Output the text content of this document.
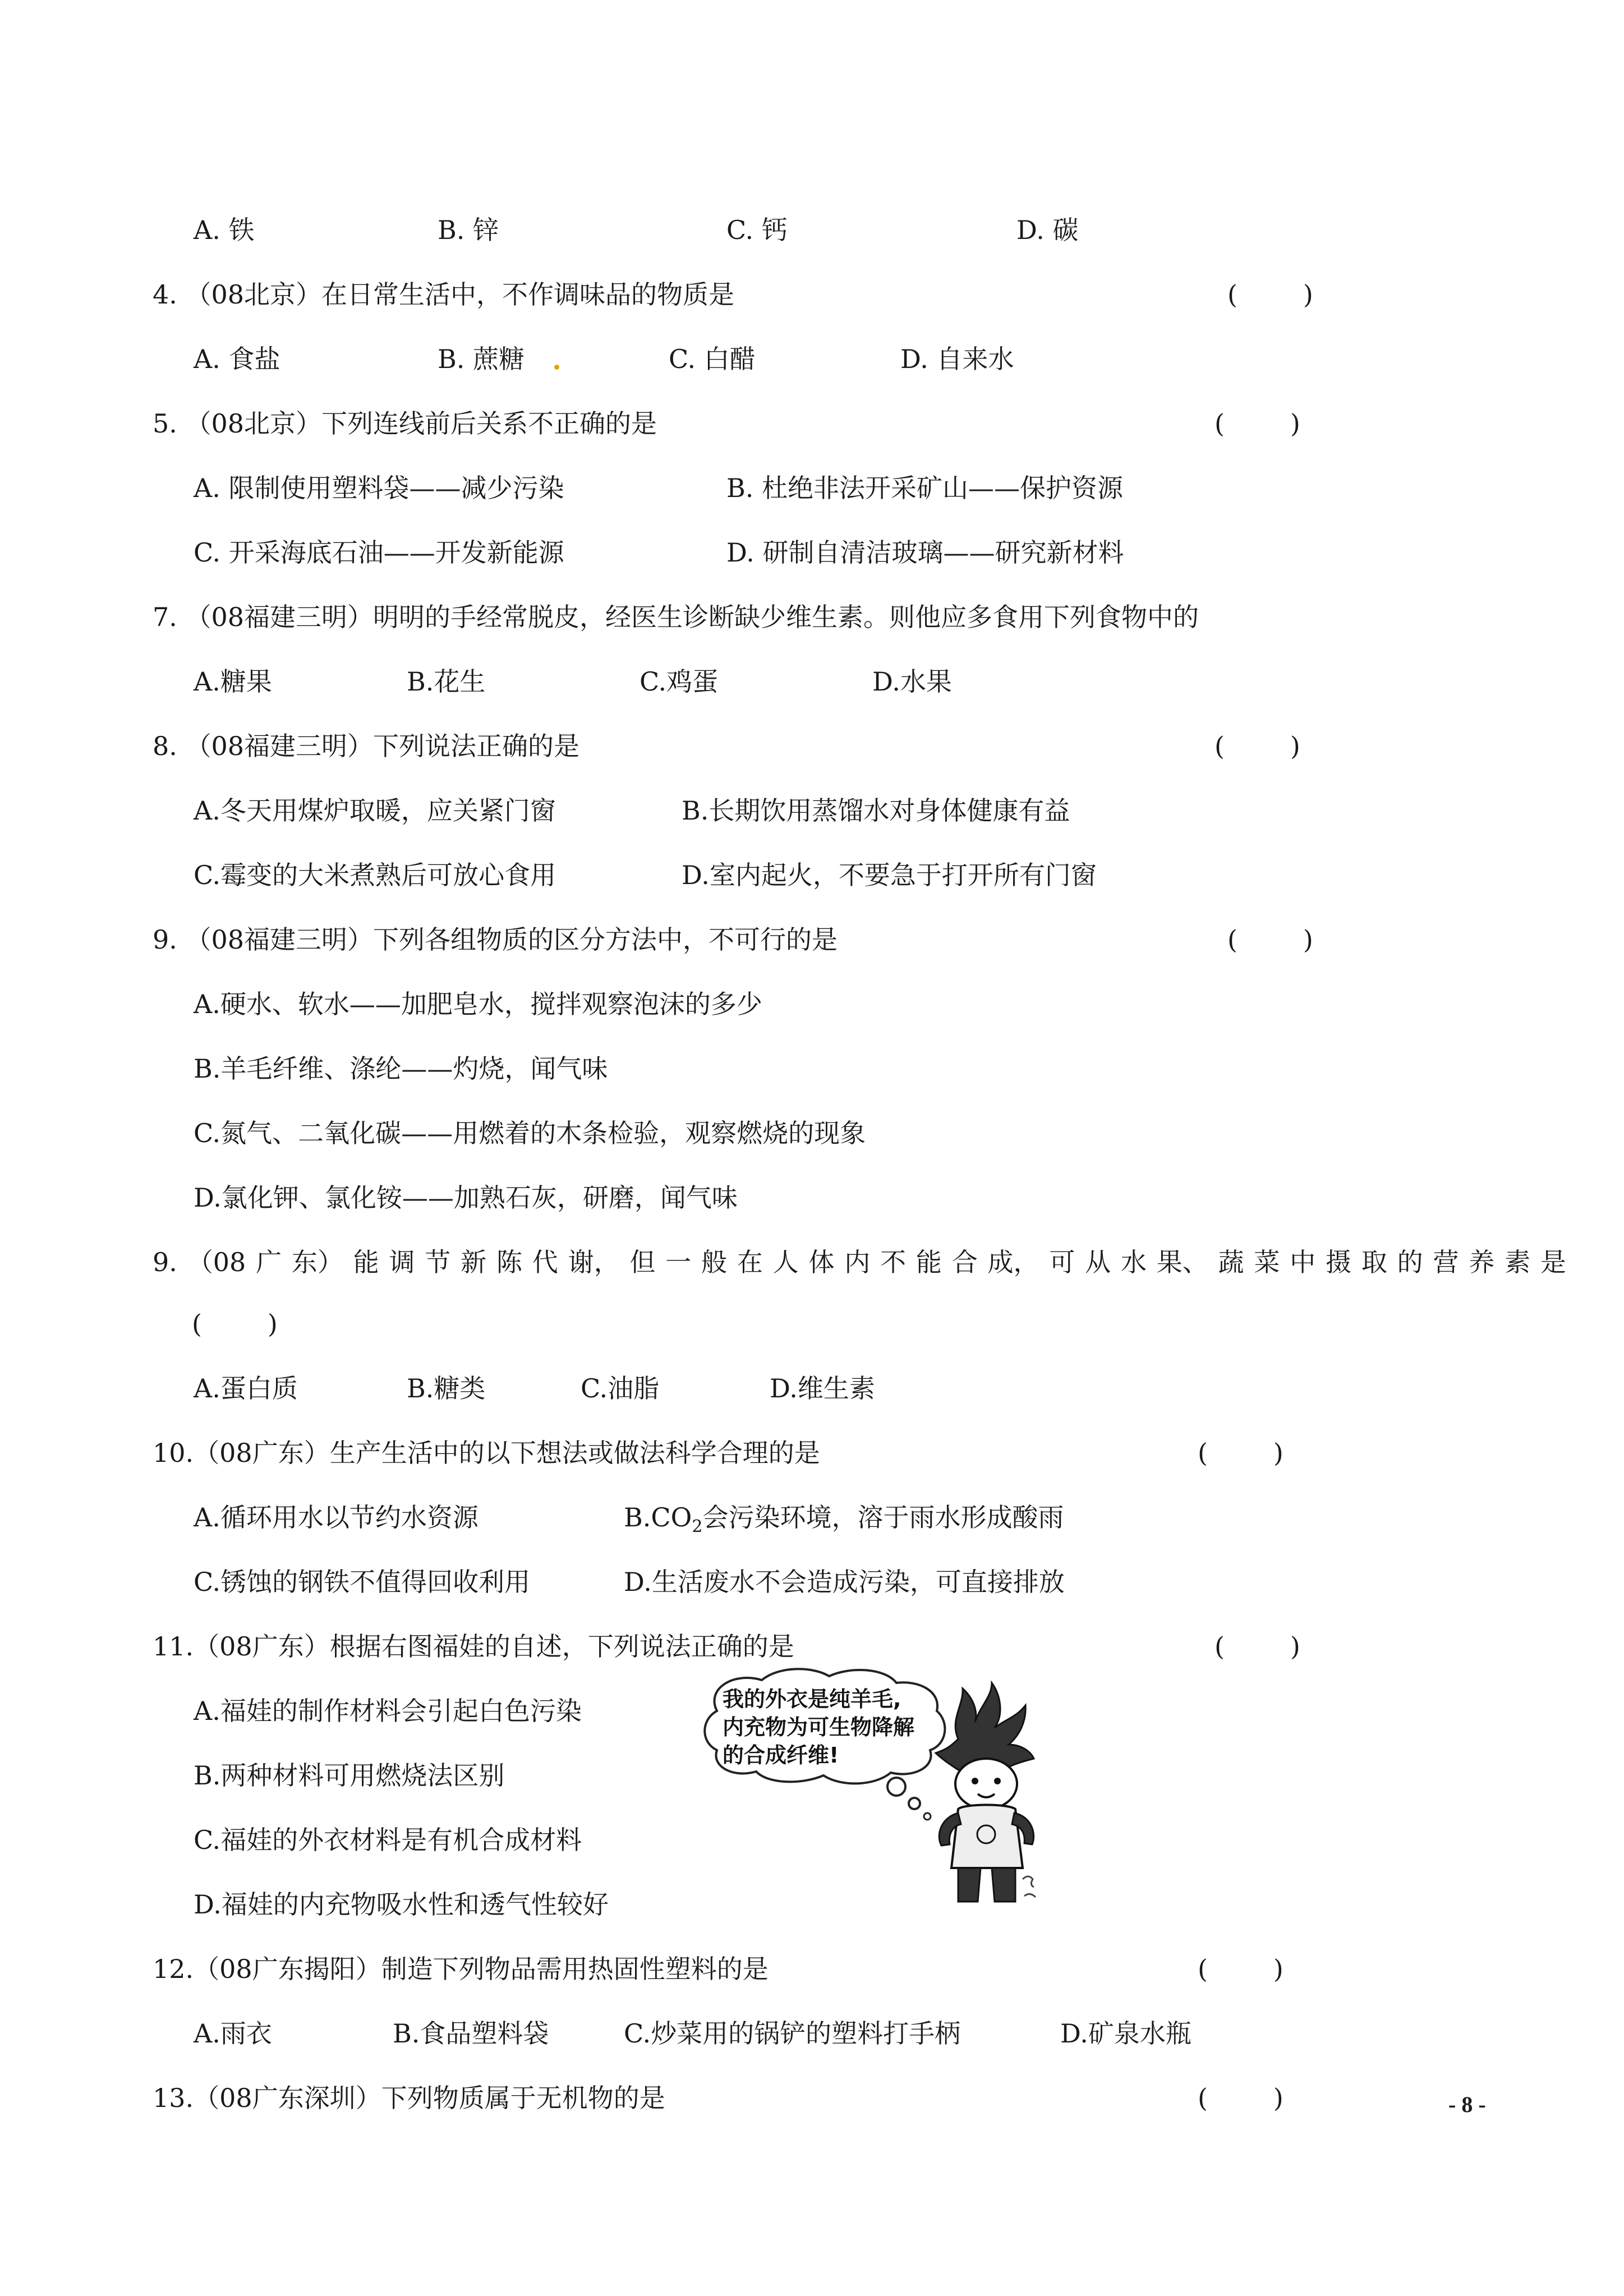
A. 铁	B. 锌	C. 钙	D. 碳
4. （08北京）在日常生活中，不作调味品的物质是	(        )
A. 食盐	B. 蔗糖	C. 白醋	D. 自来水
5. （08北京）下列连线前后关系不正确的是	(        )
A. 限制使用塑料袋——减少污染	B. 杜绝非法开采矿山——保护资源
C. 开采海底石油——开发新能源	D. 研制自清洁玻璃——研究新材料
7. （08福建三明）明明的手经常脱皮，经医生诊断缺少维生素。则他应多食用下列食物中的
A.糖果	B.花生	C.鸡蛋	D.水果
8. （08福建三明）下列说法正确的是	(        )
A.冬天用煤炉取暖，应关紧门窗	B.长期饮用蒸馏水对身体健康有益
C.霉变的大米煮熟后可放心食用	D.室内起火，不要急于打开所有门窗
9. （08福建三明）下列各组物质的区分方法中，不可行的是	(        )
A.硬水、软水——加肥皂水，搅拌观察泡沫的多少
B.羊毛纤维、涤纶——灼烧，闻气味
C.氮气、二氧化碳——用燃着的木条检验，观察燃烧的现象
D.氯化钾、氯化铵——加熟石灰，研磨，闻气味
9. （08 广 东） 能 调 节 新 陈 代 谢， 但 一 般 在 人 体 内 不 能 合 成， 可 从 水 果、 蔬 菜 中 摄 取 的 营 养 素 是
(        )
A.蛋白质	B.糖类	C.油脂	D.维生素
10.（08广东）生产生活中的以下想法或做法科学合理的是	(        )
A.循环用水以节约水资源	$B.CO_2$会污染环境，溶于雨水形成酸雨
C.锈蚀的钢铁不值得回收利用	D.生活废水不会造成污染，可直接排放
11.（08广东）根据右图福娃的自述，下列说法正确的是	(        )
A.福娃的制作材料会引起白色污染
B.两种材料可用燃烧法区别
C.福娃的外衣材料是有机合成材料
D.福娃的内充物吸水性和透气性较好
我的外衣是纯羊毛,
内充物为可生物降解
的合成纤维!
12.（08广东揭阳）制造下列物品需用热固性塑料的是	(        )
A.雨衣	B.食品塑料袋	C.炒菜用的锅铲的塑料打手柄	D.矿泉水瓶
13.（08广东深圳）下列物质属于无机物的是	(        )	- 8 -
